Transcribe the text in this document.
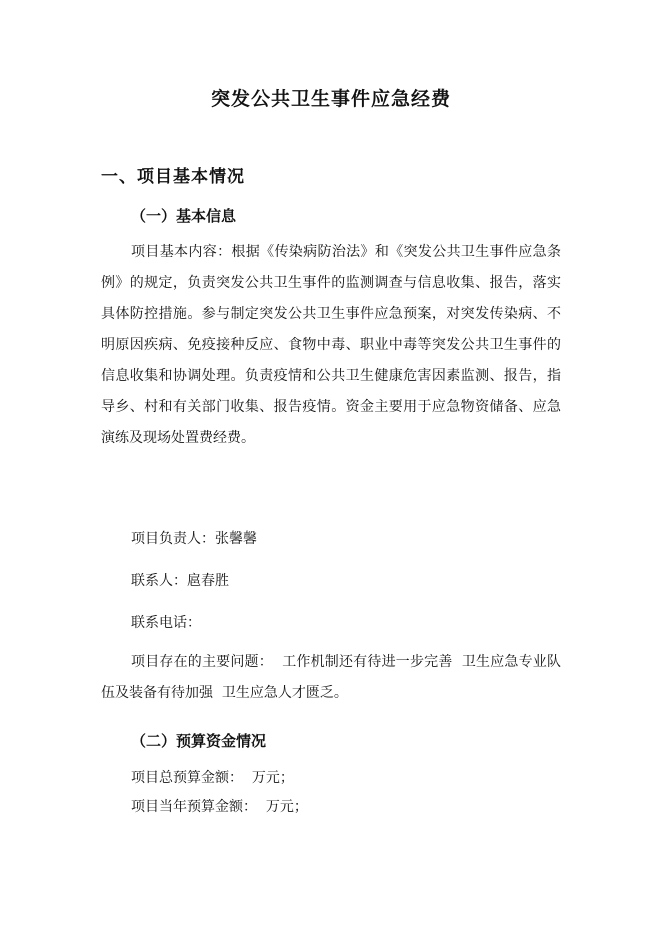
突发公共卫生事件应急经费
一、项目基本情况
（一）基本信息

项目基本内容：根据《传染病防治法》和《突发公共卫生事件应急条例》的规定，负责突发公共卫生事件的监测调查与信息收集、报告，落实具体防控措施。参与制定突发公共卫生事件应急预案，对突发传染病、不明原因疾病、免疫接种反应、食物中毒、职业中毒等突发公共卫生事件的信息收集和协调处理。负责疫情和公共卫生健康危害因素监测、报告，指导乡、村和有关部门收集、报告疫情。资金主要用于应急物资储备、应急演练及现场处置费经费。

项目负责人：张馨馨
联系人：扈春胜
联系电话：

项目存在的主要问题：  工作机制还有待进一步完善  卫生应急专业队伍及装备有待加强  卫生应急人才匮乏。

（二）预算资金情况
项目总预算金额：  万元；
项目当年预算金额：  万元；
